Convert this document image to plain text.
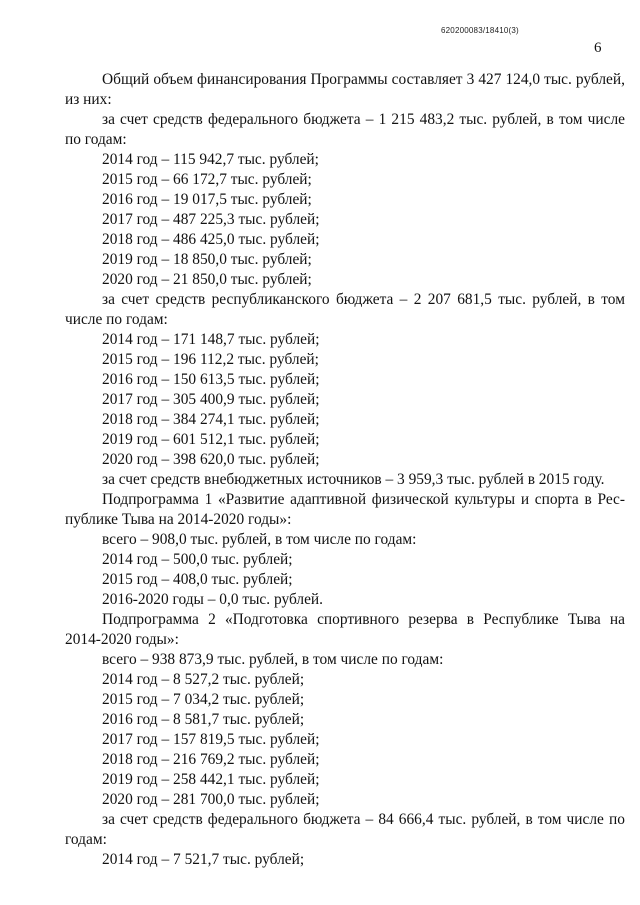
620200083/18410(3)
6
Общий объем финансирования Программы составляет 3 427 124,0 тыс. рублей,
из них:
за счет средств федерального бюджета – 1 215 483,2 тыс. рублей, в том числе
по годам:
2014 год – 115 942,7 тыс. рублей;
2015 год – 66 172,7 тыс. рублей;
2016 год – 19 017,5 тыс. рублей;
2017 год – 487 225,3 тыс. рублей;
2018 год – 486 425,0 тыс. рублей;
2019 год – 18 850,0 тыс. рублей;
2020 год – 21 850,0 тыс. рублей;
за счет средств республиканского бюджета – 2 207 681,5 тыс. рублей, в том
числе по годам:
2014 год – 171 148,7 тыс. рублей;
2015 год – 196 112,2 тыс. рублей;
2016 год – 150 613,5 тыс. рублей;
2017 год – 305 400,9 тыс. рублей;
2018 год – 384 274,1 тыс. рублей;
2019 год – 601 512,1 тыс. рублей;
2020 год – 398 620,0 тыс. рублей;
за счет средств внебюджетных источников – 3 959,3 тыс. рублей в 2015 году.
Подпрограмма 1 «Развитие адаптивной физической культуры и спорта в Рес-
публике Тыва на 2014-2020 годы»:
всего – 908,0 тыс. рублей, в том числе по годам:
2014 год – 500,0 тыс. рублей;
2015 год – 408,0 тыс. рублей;
2016-2020 годы – 0,0 тыс. рублей.
Подпрограмма 2 «Подготовка спортивного резерва в Республике Тыва на
2014-2020 годы»:
всего – 938 873,9 тыс. рублей, в том числе по годам:
2014 год – 8 527,2 тыс. рублей;
2015 год – 7 034,2 тыс. рублей;
2016 год – 8 581,7 тыс. рублей;
2017 год – 157 819,5 тыс. рублей;
2018 год – 216 769,2 тыс. рублей;
2019 год – 258 442,1 тыс. рублей;
2020 год – 281 700,0 тыс. рублей;
за счет средств федерального бюджета – 84 666,4 тыс. рублей, в том числе по
годам:
2014 год – 7 521,7 тыс. рублей;
